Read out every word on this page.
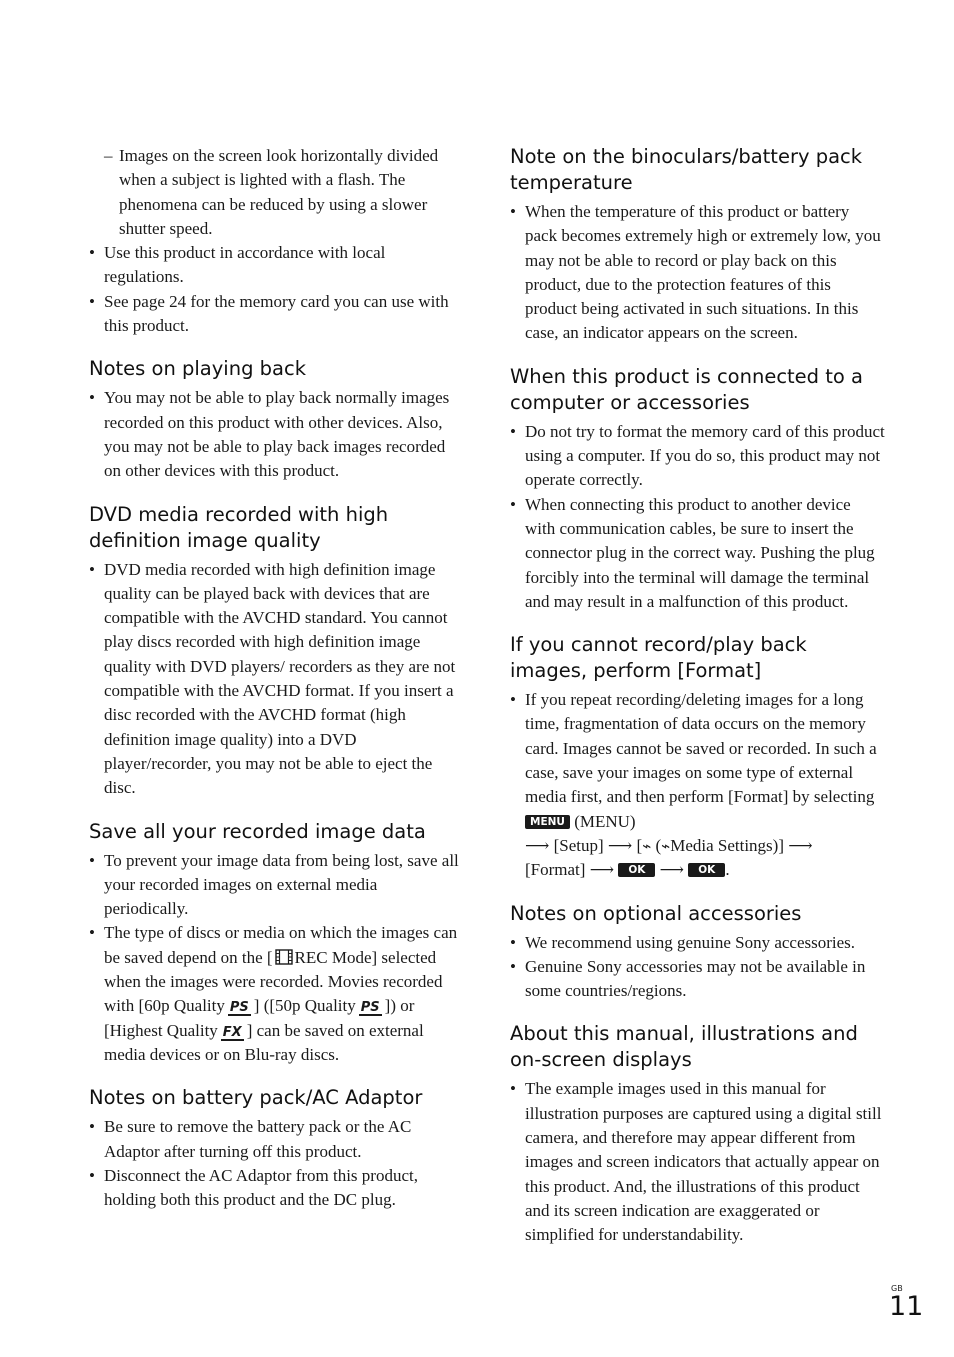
– Images on the screen look horizontally divided when a subject is lighted with a flash. The phenomena can be reduced by using a slower shutter speed.
• Use this product in accordance with local regulations.
• See page 24 for the memory card you can use with this product.
Notes on playing back
• You may not be able to play back normally images recorded on this product with other devices. Also, you may not be able to play back images recorded on other devices with this product.
DVD media recorded with high definition image quality
• DVD media recorded with high definition image quality can be played back with devices that are compatible with the AVCHD standard. You cannot play discs recorded with high definition image quality with DVD players/ recorders as they are not compatible with the AVCHD format. If you insert a disc recorded with the AVCHD format (high definition image quality) into a DVD player/recorder, you may not be able to eject the disc.
Save all your recorded image data
• To prevent your image data from being lost, save all your recorded images on external media periodically.
• The type of discs or media on which the images can be saved depend on the [ REC Mode] selected when the images were recorded. Movies recorded with [60p Quality PS ] ([50p Quality PS ]) or [Highest Quality FX ] can be saved on external media devices or on Blu-ray discs.
Notes on battery pack/AC Adaptor
• Be sure to remove the battery pack or the AC Adaptor after turning off this product.
• Disconnect the AC Adaptor from this product, holding both this product and the DC plug.
Note on the binoculars/battery pack temperature
• When the temperature of this product or battery pack becomes extremely high or extremely low, you may not be able to record or play back on this product, due to the protection features of this product being activated in such situations. In this case, an indicator appears on the screen.
When this product is connected to a computer or accessories
• Do not try to format the memory card of this product using a computer. If you do so, this product may not operate correctly.
• When connecting this product to another device with communication cables, be sure to insert the connector plug in the correct way. Pushing the plug forcibly into the terminal will damage the terminal and may result in a malfunction of this product.
If you cannot record/play back images, perform [Format]
• If you repeat recording/deleting images for a long time, fragmentation of data occurs on the memory card. Images cannot be saved or recorded. In such a case, save your images on some type of external media first, and then perform [Format] by selecting MENU (MENU)
⟶ [Setup] ⟶ [⌁ (⌁Media Settings)] ⟶
[Format] ⟶ OK ⟶ OK .
Notes on optional accessories
• We recommend using genuine Sony accessories.
• Genuine Sony accessories may not be available in some countries/regions.
About this manual, illustrations and on-screen displays
• The example images used in this manual for illustration purposes are captured using a digital still camera, and therefore may appear different from images and screen indicators that actually appear on this product. And, the illustrations of this product and its screen indication are exaggerated or simplified for understandability.
GB
11
